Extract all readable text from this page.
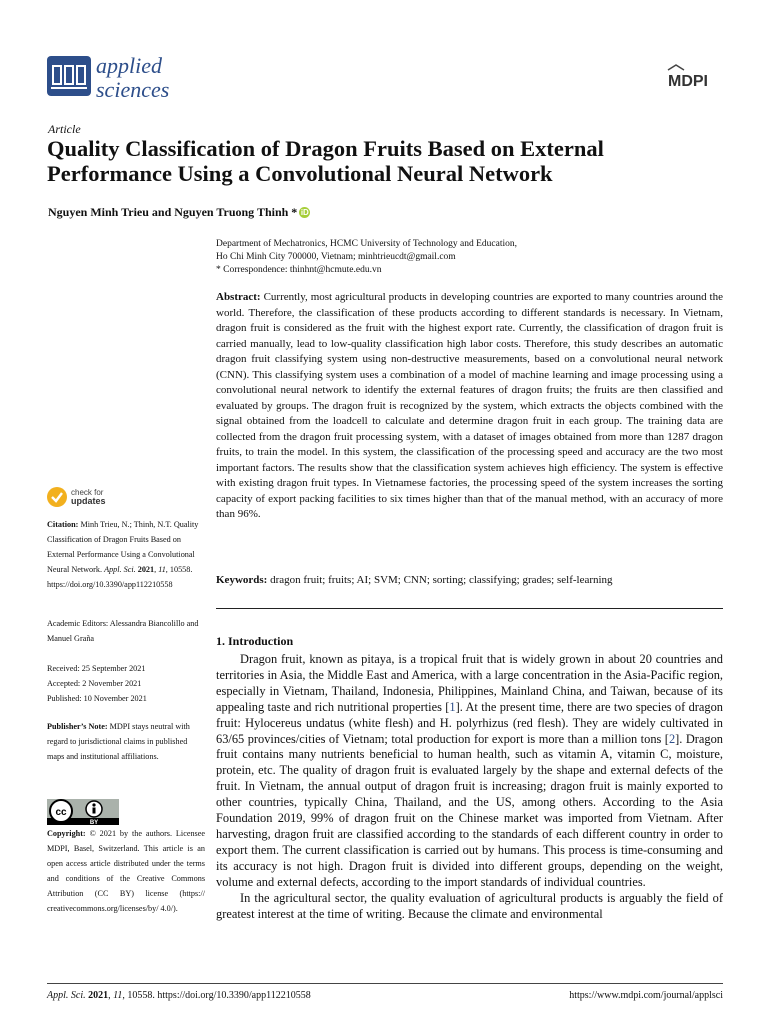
applied
sciences	MDPI
Article
Quality Classification of Dragon Fruits Based on External Performance Using a Convolutional Neural Network
Nguyen Minh Trieu and Nguyen Truong Thinh * iD
Department of Mechatronics, HCMC University of Technology and Education,
Ho Chi Minh City 700000, Vietnam; minhtrieucdt@gmail.com
* Correspondence: thinhnt@hcmute.edu.vn
Abstract: Currently, most agricultural products in developing countries are exported to many countries around the world. Therefore, the classification of these products according to different standards is necessary. In Vietnam, dragon fruit is considered as the fruit with the highest export rate. Currently, the classification of dragon fruit is carried manually, lead to low-quality classification high labor costs. Therefore, this study describes an automatic dragon fruit classifying system using non-destructive measurements, based on a convolutional neural network (CNN). This classifying system uses a combination of a model of machine learning and image processing using a convolutional neural network to identify the external features of dragon fruits; the fruits are then classified and evaluated by groups. The dragon fruit is recognized by the system, which extracts the objects combined with the signal obtained from the loadcell to calculate and determine dragon fruit in each group. The training data are collected from the dragon fruit processing system, with a dataset of images obtained from more than 1287 dragon fruits, to train the model. In this system, the classification of the processing speed and accuracy are the two most important factors. The results show that the classification system achieves high efficiency. The system is effective with existing dragon fruit types. In Vietnamese factories, the processing speed of the system increases the sorting capacity of export packing facilities to six times higher than that of the manual method, with an accuracy of more than 96%.
Keywords: dragon fruit; fruits; AI; SVM; CNN; sorting; classifying; grades; self-learning
1. Introduction

Dragon fruit, known as pitaya, is a tropical fruit that is widely grown in about 20 countries and territories in Asia, the Middle East and America, with a large concentration in the Asia-Pacific region, especially in Vietnam, Thailand, Indonesia, Philippines, Mainland China, and Taiwan, because of its appealing taste and rich nutritional properties [1]. At the present time, there are two species of dragon fruit: Hylocereus undatus (white flesh) and H. polyrhizus (red flesh). They are widely cultivated in 63/65 provinces/cities of Vietnam; total production for export is more than a million tons [2]. Dragon fruit contains many nutrients beneficial to human health, such as vitamin A, vitamin C, moisture, protein, etc. The quality of dragon fruit is evaluated largely by the shape and external defects of the fruit. In Vietnam, the annual output of dragon fruit is increasing; dragon fruit is mainly exported to other countries, typically China, Thailand, and the US, among others. According to the Asia Foundation 2019, 99% of dragon fruit on the Chinese market was imported from Vietnam. After harvesting, dragon fruit are classified according to the standards of each different country in order to export them. The current classification is carried out by humans. This process is time-consuming and its accuracy is not high. Dragon fruit is divided into different groups, depending on the weight, volume and external defects, according to the import standards of individual countries.

In the agricultural sector, the quality evaluation of agricultural products is arguably the field of greatest interest at the time of writing. Because the climate and environmental

check for
updates
Citation: Minh Trieu, N.; Thinh, N.T. Quality Classification of Dragon Fruits Based on External Performance Using a Convolutional Neural Network. Appl. Sci. 2021, 11, 10558. https://doi.org/10.3390/app112210558
Academic Editors: Alessandra Biancolillo and Manuel Graña
Received: 25 September 2021
Accepted: 2 November 2021
Published: 10 November 2021
Publisher’s Note: MDPI stays neutral with regard to jurisdictional claims in published maps and institutional affiliations.
cc
BY
Copyright: © 2021 by the authors. Licensee MDPI, Basel, Switzerland. This article is an open access article distributed under the terms and conditions of the Creative Commons Attribution (CC BY) license (https:// creativecommons.org/licenses/by/ 4.0/).
Appl. Sci. 2021, 11, 10558. https://doi.org/10.3390/app112210558	https://www.mdpi.com/journal/applsci
